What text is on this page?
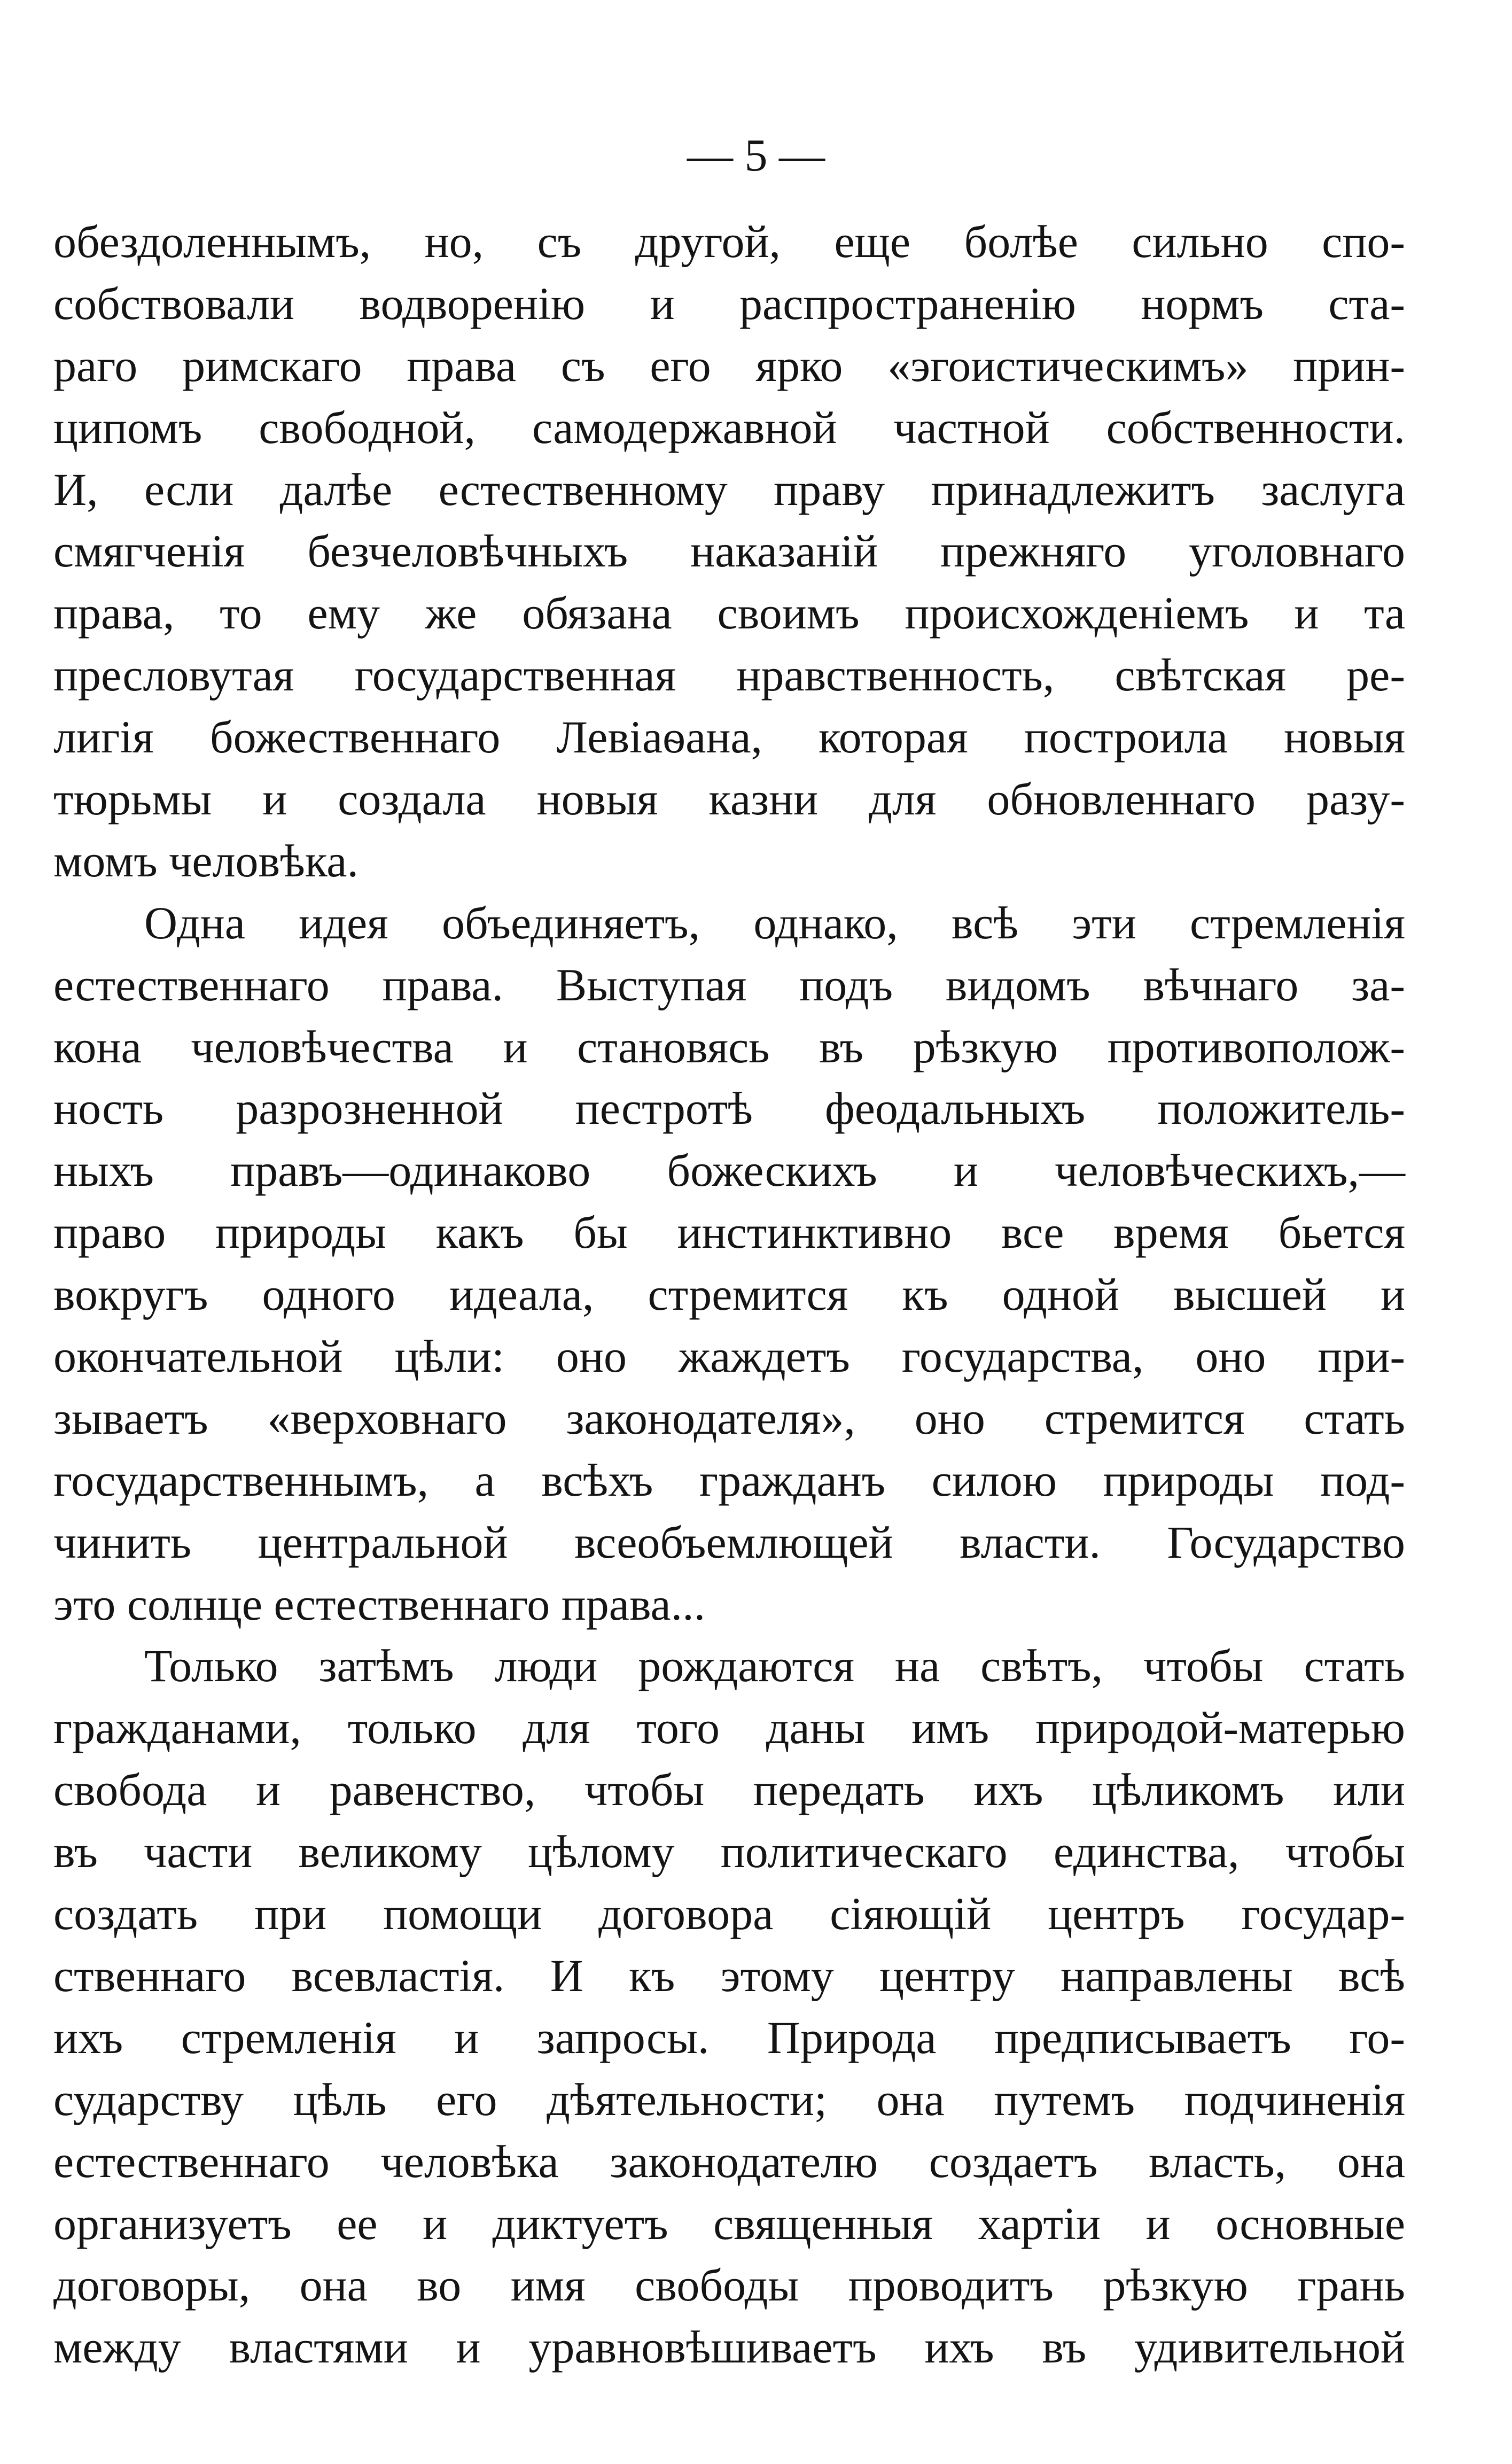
— 5 —
обездоленнымъ, но, съ другой, еще болѣе сильно спо-
собствовали водворенію и распространенію нормъ ста-
раго римскаго права съ его ярко «эгоистическимъ» прин-
ципомъ свободной, самодержавной частной собственности.
И, если далѣе естественному праву принадлежитъ заслуга
смягченія безчеловѣчныхъ наказаній прежняго уголовнаго
права, то ему же обязана своимъ происхожденіемъ и та
пресловутая государственная нравственность, свѣтская ре-
лигія божественнаго Левіаѳана, которая построила новыя
тюрьмы и создала новыя казни для обновленнаго разу-
момъ человѣка.
Одна идея объединяетъ, однако, всѣ эти стремленія
естественнаго права. Выступая подъ видомъ вѣчнаго за-
кона человѣчества и становясь въ рѣзкую противополож-
ность разрозненной пестротѣ феодальныхъ положитель-
ныхъ правъ—одинаково божескихъ и человѣческихъ,—
право природы какъ бы инстинктивно все время бьется
вокругъ одного идеала, стремится къ одной высшей и
окончательной цѣли: оно жаждетъ государства, оно при-
зываетъ «верховнаго законодателя», оно стремится стать
государственнымъ, а всѣхъ гражданъ силою природы под-
чинить центральной всеобъемлющей власти. Государство
это солнце естественнаго права...
Только затѣмъ люди рождаются на свѣтъ, чтобы стать
гражданами, только для того даны имъ природой-матерью
свобода и равенство, чтобы передать ихъ цѣликомъ или
въ части великому цѣлому политическаго единства, чтобы
создать при помощи договора сіяющій центръ государ-
ственнаго всевластія. И къ этому центру направлены всѣ
ихъ стремленія и запросы. Природа предписываетъ го-
сударству цѣль его дѣятельности; она путемъ подчиненія
естественнаго человѣка законодателю создаетъ власть, она
организуетъ ее и диктуетъ священныя хартіи и основные
договоры, она во имя свободы проводитъ рѣзкую грань
между властями и уравновѣшиваетъ ихъ въ удивительной
